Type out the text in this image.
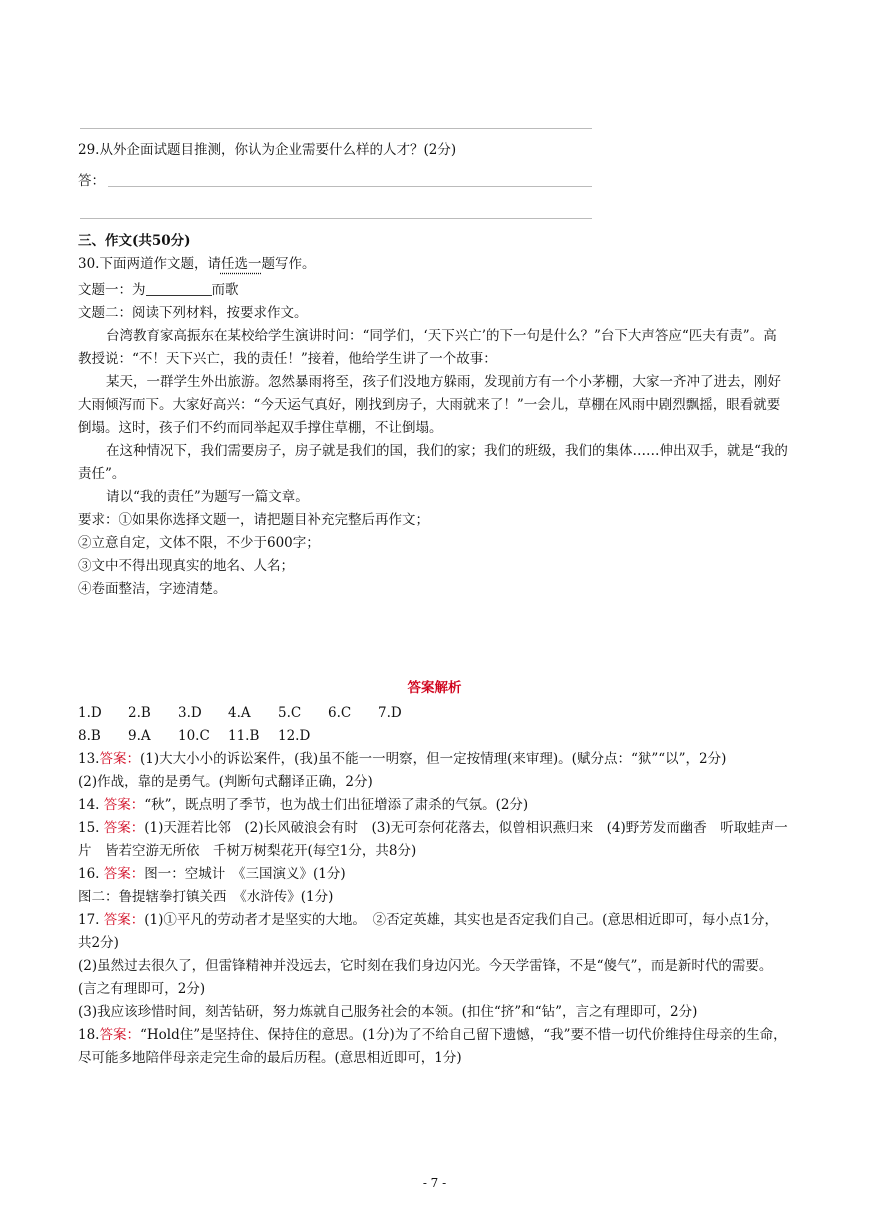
29.从外企面试题目推测，你认为企业需要什么样的人才？(2分)

答：

三、作文(共50分)

30.下面两道作文题，请任选一题写作。

文题一：为	而歌

文题二：阅读下列材料，按要求作文。

台湾教育家高振东在某校给学生演讲时问：“同学们，‘天下兴亡’的下一句是什么？”台下大声答应“匹夫有责”。高教授说：“不！天下兴亡，我的责任！”接着，他给学生讲了一个故事：

某天，一群学生外出旅游。忽然暴雨将至，孩子们没地方躲雨，发现前方有一个小茅棚，大家一齐冲了进去，刚好大雨倾泻而下。大家好高兴：“今天运气真好，刚找到房子，大雨就来了！”一会儿，草棚在风雨中剧烈飘摇，眼看就要倒塌。这时，孩子们不约而同举起双手撑住草棚，不让倒塌。

在这种情况下，我们需要房子，房子就是我们的国，我们的家；我们的班级，我们的集体……伸出双手，就是“我的责任”。

请以“我的责任”为题写一篇文章。

要求：①如果你选择文题一，请把题目补充完整后再作文；

②立意自定，文体不限，不少于600字；

③文中不得出现真实的地名、人名；

④卷面整洁，字迹清楚。

答案解析

1.D 2.B 3.D 4.A 5.C 6.C 7.D

8.B 9.A 10.C 11.B 12.D

13.答案：(1)大大小小的诉讼案件，(我)虽不能一一明察，但一定按情理(来审理)。(赋分点：“狱”“以”，2分)

(2)作战，靠的是勇气。(判断句式翻译正确，2分)

14. 答案：“秋”，既点明了季节，也为战士们出征增添了肃杀的气氛。(2分)

15. 答案：(1)天涯若比邻　(2)长风破浪会有时　(3)无可奈何花落去，似曾相识燕归来　(4)野芳发而幽香　听取蛙声一片　皆若空游无所依　千树万树梨花开(每空1分，共8分)

16. 答案：图一：空城计　《三国演义》(1分)

图二：鲁提辖拳打镇关西　《水浒传》(1分)

17. 答案：(1)①平凡的劳动者才是坚实的大地。　②否定英雄，其实也是否定我们自己。(意思相近即可，每小点1分，共2分)

(2)虽然过去很久了，但雷锋精神并没远去，它时刻在我们身边闪光。今天学雷锋，不是“傻气”，而是新时代的需要。(言之有理即可，2分)

(3)我应该珍惜时间，刻苦钻研，努力炼就自己服务社会的本领。(扣住“挤”和“钻”，言之有理即可，2分)

18.答案：“Hold住”是坚持住、保持住的意思。(1分)为了不给自己留下遗憾，“我”要不惜一切代价维持住母亲的生命，尽可能多地陪伴母亲走完生命的最后历程。(意思相近即可，1分)

- 7 -
